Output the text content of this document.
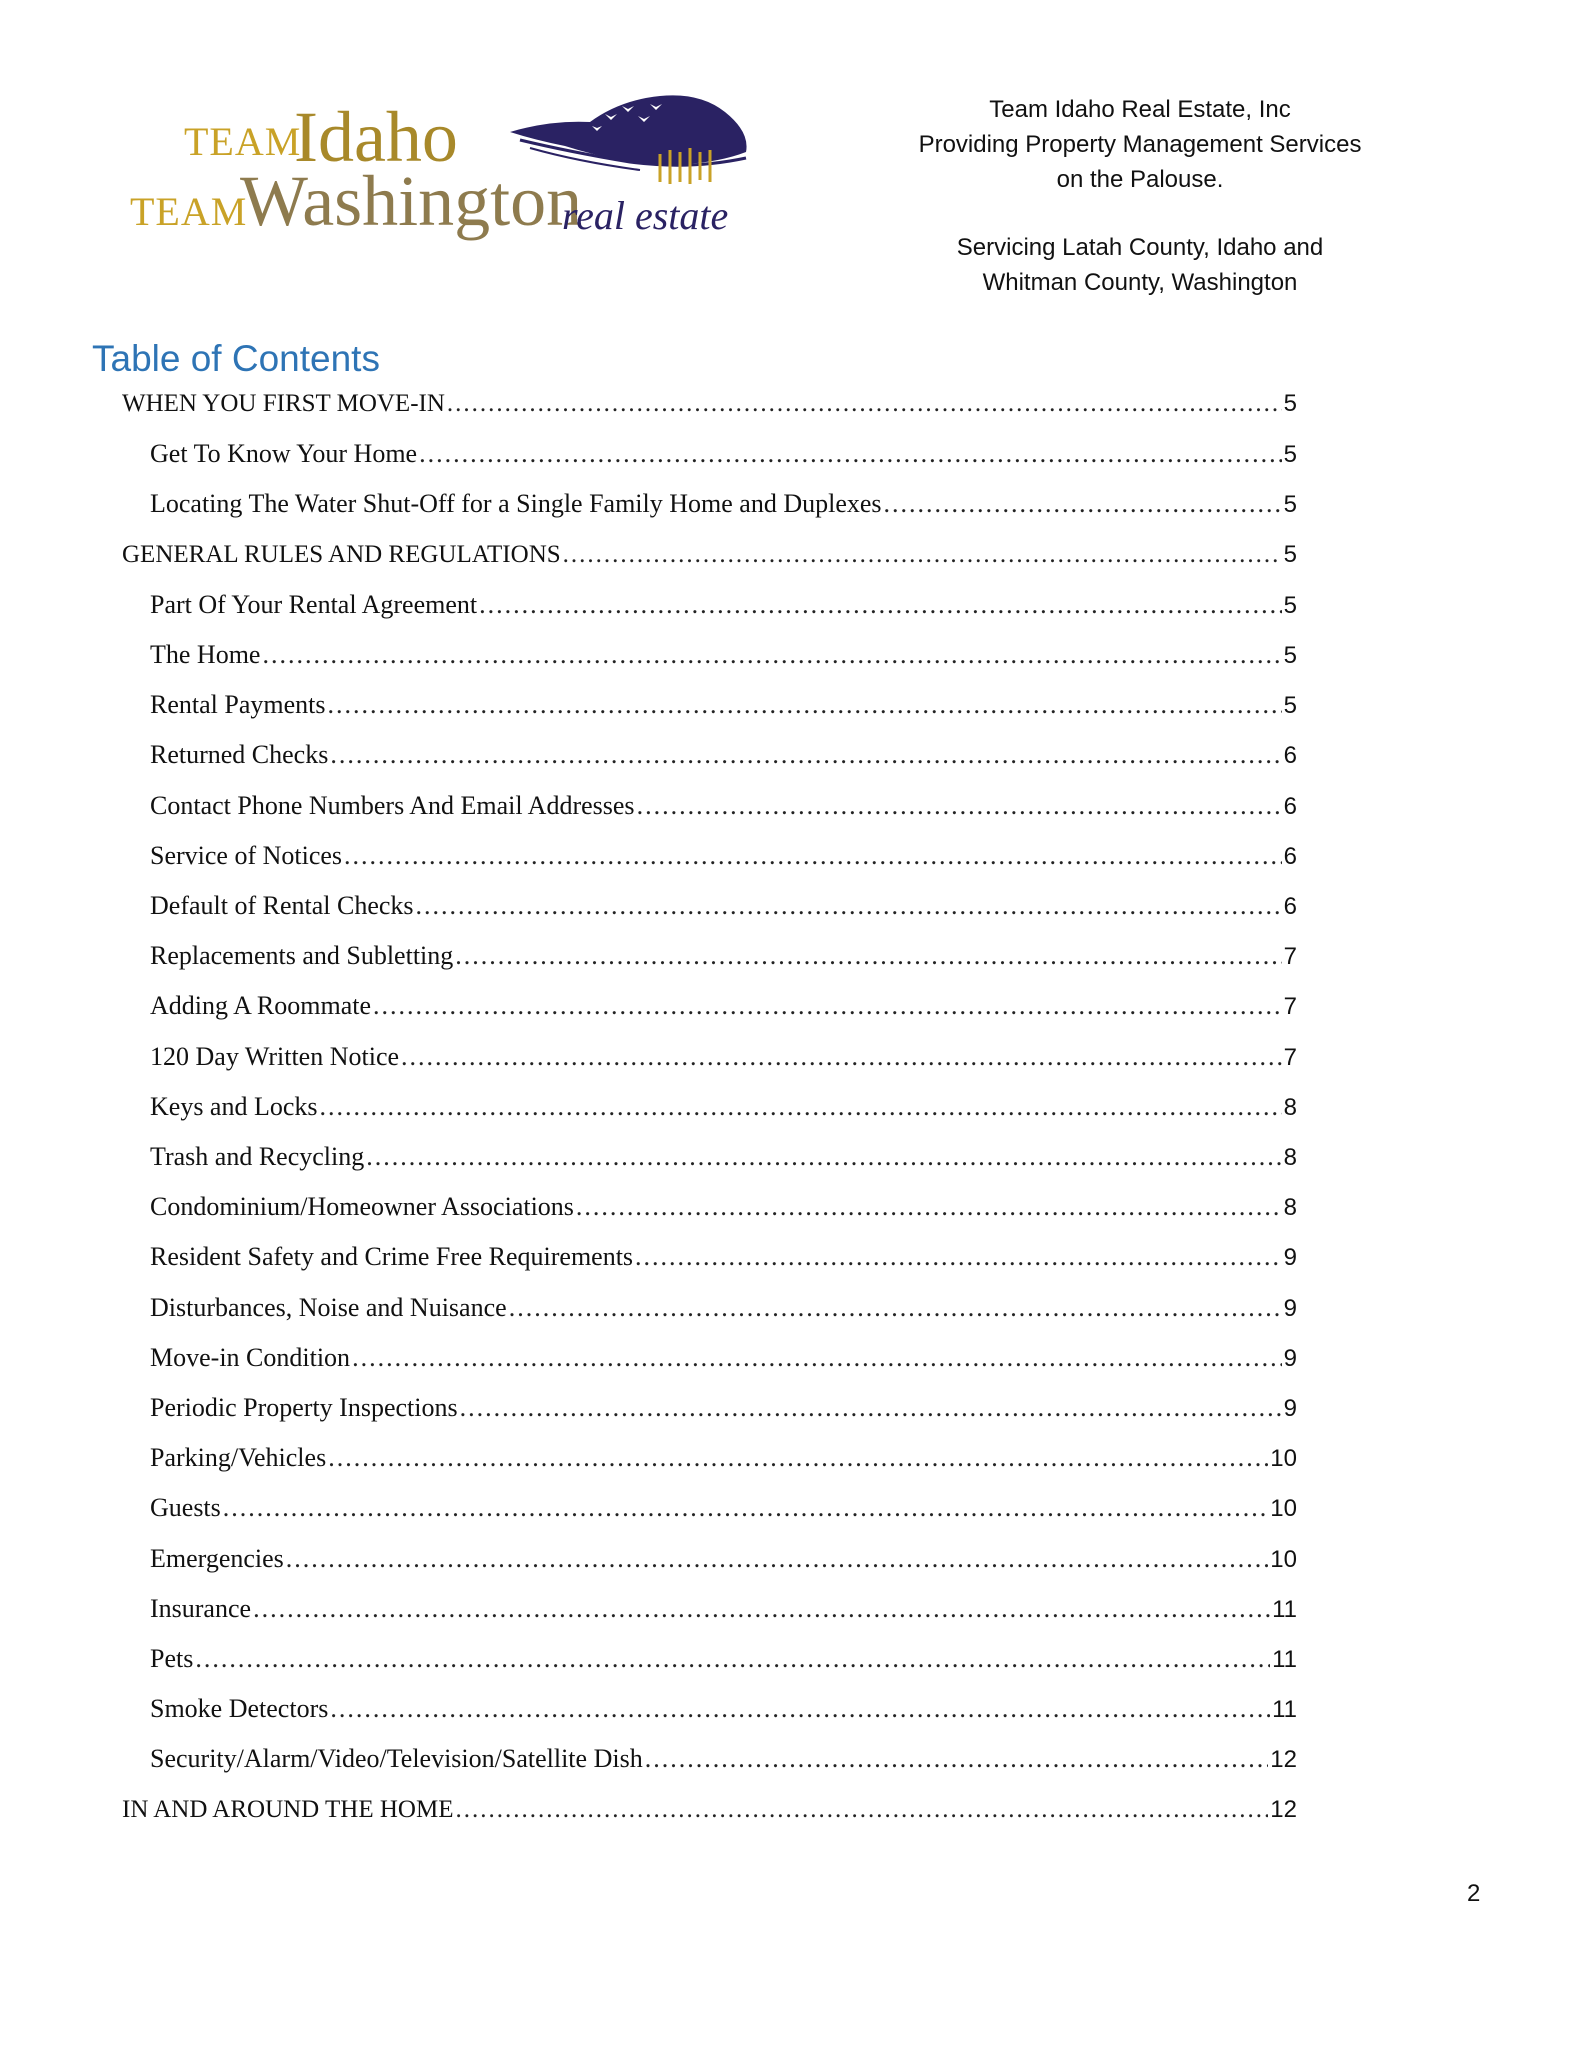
TEAM
Idaho
TEAM
Washington
real estate
Team Idaho Real Estate, Inc
Providing Property Management Services
on the Palouse.
Servicing Latah County, Idaho and
Whitman County, Washington
Table of Contents
WHEN YOU FIRST MOVE-IN .....	5
Get To Know Your Home .....	5
Locating The Water Shut-Off for a Single Family Home and Duplexes .....	5
GENERAL RULES AND REGULATIONS .....	5
Part Of Your Rental Agreement .....	5
The Home .....	5
Rental Payments .....	5
Returned Checks .....	6
Contact Phone Numbers And Email Addresses .....	6
Service of Notices .....	6
Default of Rental Checks .....	6
Replacements and Subletting .....	7
Adding A Roommate .....	7
120 Day Written Notice .....	7
Keys and Locks .....	8
Trash and Recycling .....	8
Condominium/Homeowner Associations .....	8
Resident Safety and Crime Free Requirements .....	9
Disturbances, Noise and Nuisance .....	9
Move-in Condition .....	9
Periodic Property Inspections .....	9
Parking/Vehicles .....	10
Guests .....	10
Emergencies .....	10
Insurance .....	11
Pets .....	11
Smoke Detectors .....	11
Security/Alarm/Video/Television/Satellite Dish .....	12
IN AND AROUND THE HOME .....	12
2
